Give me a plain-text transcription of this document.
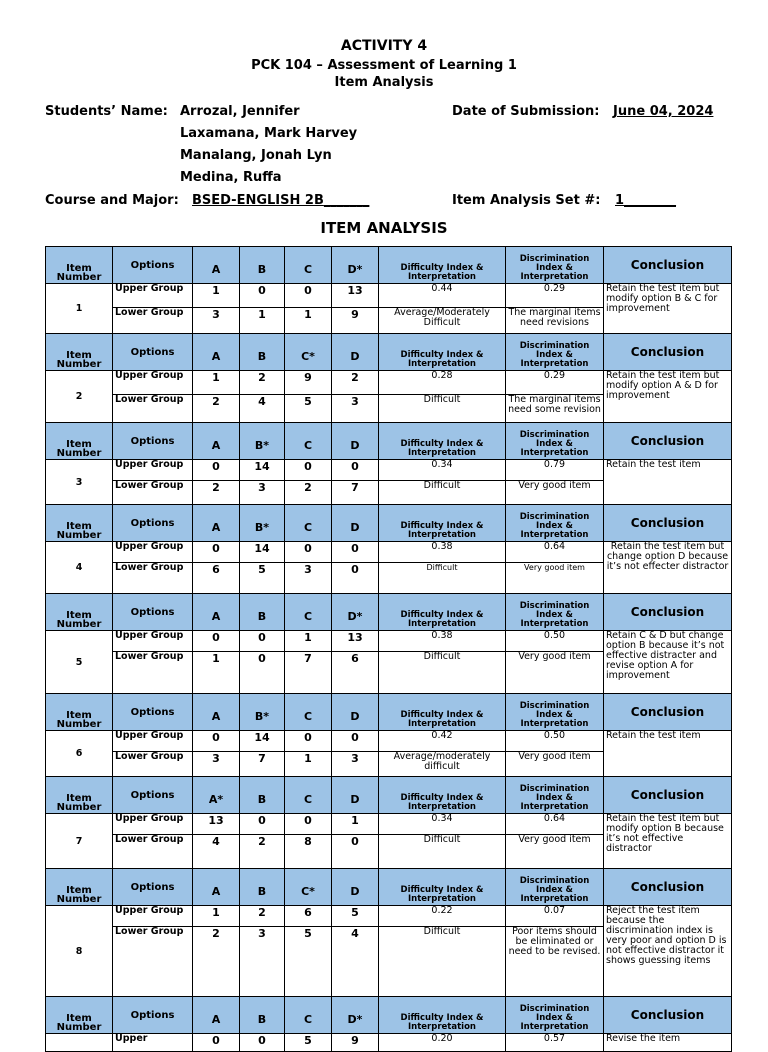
ACTIVITY 4
PCK 104 – Assessment of Learning 1
Item Analysis
Students’ Name: Arrozal, Jennifer
Laxamana, Mark Harvey
Manalang, Jonah Lyn
Medina, Ruffa
Date of Submission: June 04, 2024
Course and Major: BSED-ENGLISH 2B_______	Item Analysis Set #: 1________
ITEM ANALYSIS
Item Number	Options	A	B	C	D*	Difficulty Index & Interpretation	Discrimination Index & Interpretation	Conclusion
1	Upper Group	1	0	0	13	0.44	0.29	Retain the test item but modify option B & C for improvement
	Lower Group	3	1	1	9	Average/Moderately Difficult	The marginal items need revisions	
Item Number	Options	A	B	C*	D	Difficulty Index & Interpretation	Discrimination Index & Interpretation	Conclusion
2	Upper Group	1	2	9	2	0.28	0.29	Retain the test item but modify option A & D for improvement
	Lower Group	2	4	5	3	Difficult	The marginal items need some revision	
Item Number	Options	A	B*	C	D	Difficulty Index & Interpretation	Discrimination Index & Interpretation	Conclusion
3	Upper Group	0	14	0	0	0.34	0.79	Retain the test item
	Lower Group	2	3	2	7	Difficult	Very good item	
Item Number	Options	A	B*	C	D	Difficulty Index & Interpretation	Discrimination Index & Interpretation	Conclusion
4	Upper Group	0	14	0	0	0.38	0.64	Retain the test item but change option D because it’s not effecter distractor
	Lower Group	6	5	3	0	Difficult	Very good item	
Item Number	Options	A	B	C	D*	Difficulty Index & Interpretation	Discrimination Index & Interpretation	Conclusion
5	Upper Group	0	0	1	13	0.38	0.50	Retain C & D but change option B because it’s not effective distracter and revise option A for improvement
	Lower Group	1	0	7	6	Difficult	Very good item	
Item Number	Options	A	B*	C	D	Difficulty Index & Interpretation	Discrimination Index & Interpretation	Conclusion
6	Upper Group	0	14	0	0	0.42	0.50	Retain the test item
	Lower Group	3	7	1	3	Average/moderately difficult	Very good item	
Item Number	Options	A*	B	C	D	Difficulty Index & Interpretation	Discrimination Index & Interpretation	Conclusion
7	Upper Group	13	0	0	1	0.34	0.64	Retain the test item but modify option B because it’s not effective distractor
	Lower Group	4	2	8	0	Difficult	Very good item	
Item Number	Options	A	B	C*	D	Difficulty Index & Interpretation	Discrimination Index & Interpretation	Conclusion
8	Upper Group	1	2	6	5	0.22	0.07	Reject the test item because the discrimination index is very poor and option D is not effective distractor it shows guessing items
	Lower Group	2	3	5	4	Difficult	Poor items should be eliminated or need to be revised.	
Item Number	Options	A	B	C	D*	Difficulty Index & Interpretation	Discrimination Index & Interpretation	Conclusion
	Upper	0	0	5	9	0.20	0.57	Revise the item
